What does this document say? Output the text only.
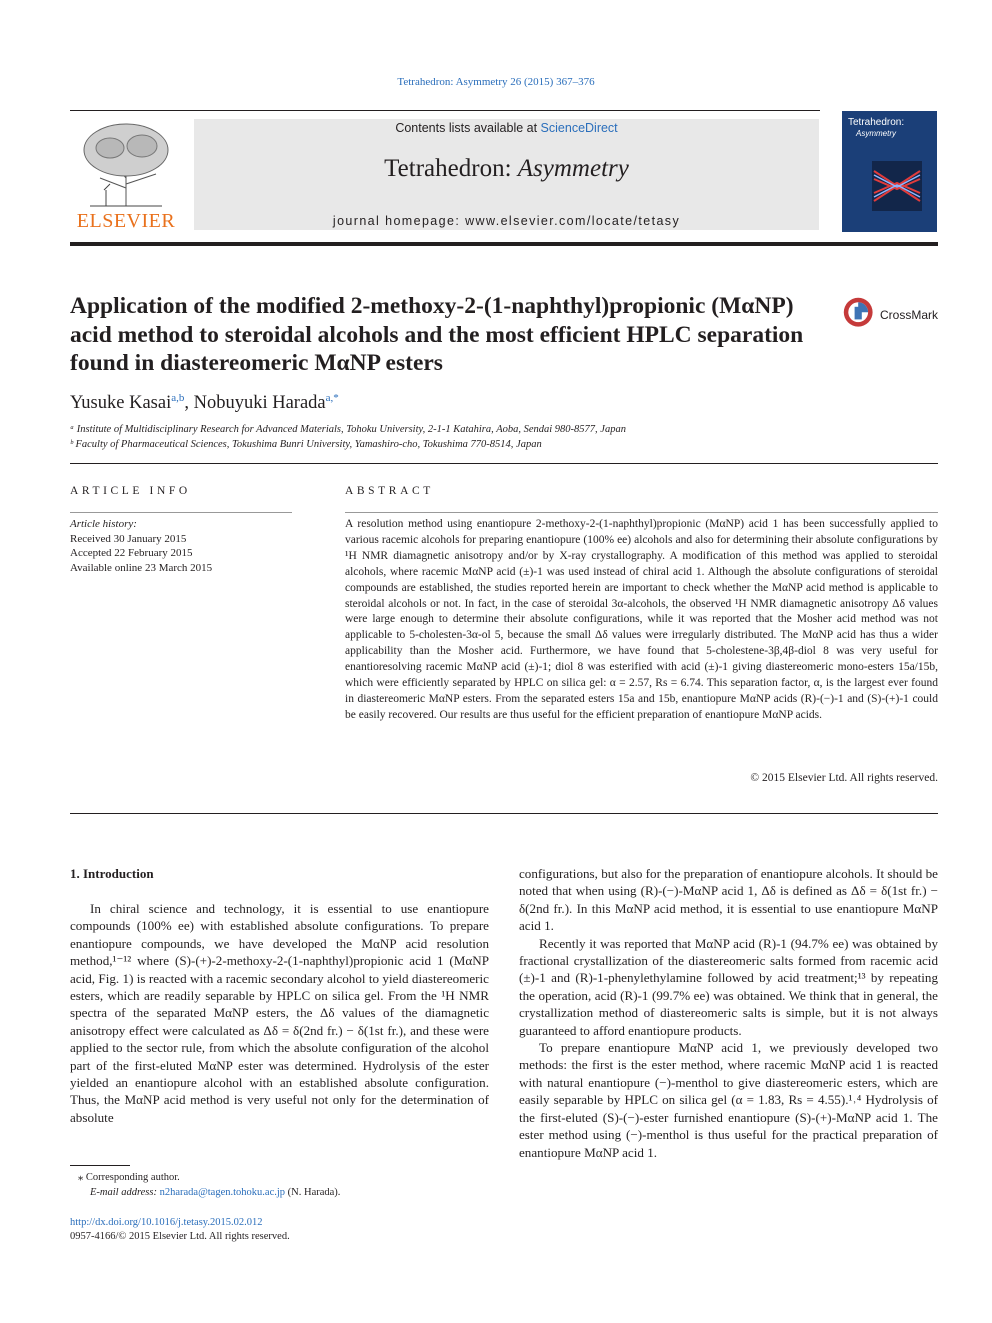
Tetrahedron: Asymmetry 26 (2015) 367–376
ELSEVIER
Contents lists available at ScienceDirect
Tetrahedron: Asymmetry
journal homepage: www.elsevier.com/locate/tetasy
Tetrahedron:
Asymmetry
Application of the modified 2-methoxy-2-(1-naphthyl)propionic (MαNP) acid method to steroidal alcohols and the most efficient HPLC separation found in diastereomeric MαNP esters
CrossMark
Yusuke Kasai$^{a,b}$, Nobuyuki Harada$^{a,*}$
ᵃ Institute of Multidisciplinary Research for Advanced Materials, Tohoku University, 2-1-1 Katahira, Aoba, Sendai 980-8577, Japan
ᵇ Faculty of Pharmaceutical Sciences, Tokushima Bunri University, Yamashiro-cho, Tokushima 770-8514, Japan
ARTICLE INFO
Article history:
Received 30 January 2015
Accepted 22 February 2015
Available online 23 March 2015
ABSTRACT
A resolution method using enantiopure 2-methoxy-2-(1-naphthyl)propionic (MαNP) acid 1 has been successfully applied to various racemic alcohols for preparing enantiopure (100% ee) alcohols and also for determining their absolute configurations by ¹H NMR diamagnetic anisotropy and/or by X-ray crystallography. A modification of this method was applied to steroidal alcohols, where racemic MαNP acid (±)-1 was used instead of chiral acid 1. Although the absolute configurations of steroidal compounds are established, the studies reported herein are important to check whether the MαNP acid method is applicable to steroidal alcohols or not. In fact, in the case of steroidal 3α-alcohols, the observed ¹H NMR diamagnetic anisotropy Δδ values were large enough to determine their absolute configurations, while it was reported that the Mosher acid method was not applicable to 5-cholesten-3α-ol 5, because the small Δδ values were irregularly distributed. The MαNP acid has thus a wider applicability than the Mosher acid. Furthermore, we have found that 5-cholestene-3β,4β-diol 8 was very useful for enantioresolving racemic MαNP acid (±)-1; diol 8 was esterified with acid (±)-1 giving diastereomeric mono-esters 15a/15b, which were efficiently separated by HPLC on silica gel: α = 2.57, Rs = 6.74. This separation factor, α, is the largest ever found in diastereomeric MαNP esters. From the separated esters 15a and 15b, enantiopure MαNP acids (R)-(−)-1 and (S)-(+)-1 could be easily recovered. Our results are thus useful for the efficient preparation of enantiopure MαNP acids.
© 2015 Elsevier Ltd. All rights reserved.
1. Introduction

In chiral science and technology, it is essential to use enantiopure compounds (100% ee) with established absolute configurations. To prepare enantiopure compounds, we have developed the MαNP acid resolution method,¹⁻¹² where (S)-(+)-2-methoxy-2-(1-naphthyl)propionic acid 1 (MαNP acid, Fig. 1) is reacted with a racemic secondary alcohol to yield diastereomeric esters, which are readily separable by HPLC on silica gel. From the ¹H NMR spectra of the separated MαNP esters, the Δδ values of the diamagnetic anisotropy effect were calculated as Δδ = δ(2nd fr.) − δ(1st fr.), and these were applied to the sector rule, from which the absolute configuration of the alcohol part of the first-eluted MαNP ester was determined. Hydrolysis of the ester yielded an enantiopure alcohol with an established absolute configuration. Thus, the MαNP acid method is very useful not only for the determination of absolute

configurations, but also for the preparation of enantiopure alcohols. It should be noted that when using (R)-(−)-MαNP acid 1, Δδ is defined as Δδ = δ(1st fr.) − δ(2nd fr.). In this MαNP acid method, it is essential to use enantiopure MαNP acid 1.

Recently it was reported that MαNP acid (R)-1 (94.7% ee) was obtained by fractional crystallization of the diastereomeric salts formed from racemic acid (±)-1 and (R)-1-phenylethylamine followed by acid treatment;¹³ by repeating the operation, acid (R)-1 (99.7% ee) was obtained. We think that in general, the crystallization method of diastereomeric salts is simple, but it is not always guaranteed to afford enantiopure products.

To prepare enantiopure MαNP acid 1, we previously developed two methods: the first is the ester method, where racemic MαNP acid 1 is reacted with natural enantiopure (−)-menthol to give diastereomeric esters, which are easily separable by HPLC on silica gel (α = 1.83, Rs = 4.55).¹˒⁴ Hydrolysis of the first-eluted (S)-(−)-ester furnished enantiopure (S)-(+)-MαNP acid 1. The ester method using (−)-menthol is thus useful for the practical preparation of enantiopure MαNP acid 1.

⁎ Corresponding author.
E-mail address: n2harada@tagen.tohoku.ac.jp (N. Harada).
http://dx.doi.org/10.1016/j.tetasy.2015.02.012
0957-4166/© 2015 Elsevier Ltd. All rights reserved.
